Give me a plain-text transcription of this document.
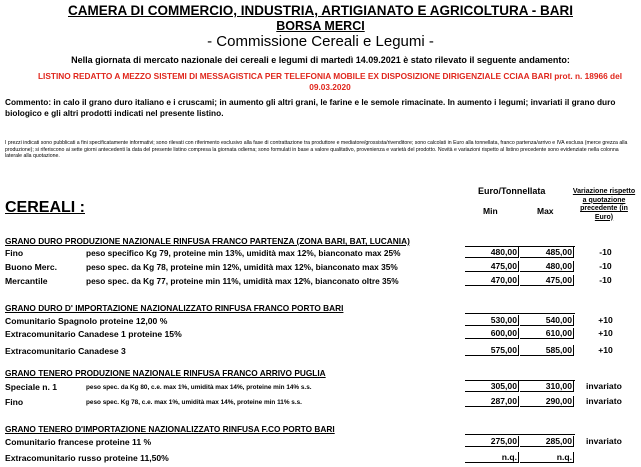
CAMERA DI COMMERCIO, INDUSTRIA, ARTIGIANATO E AGRICOLTURA - BARI
BORSA MERCI
- Commissione Cereali e Legumi -
Nella giornata di mercato nazionale dei cereali e legumi di martedì 14.09.2021 è stato rilevato il seguente andamento:
LISTINO REDATTO A MEZZO SISTEMI DI MESSAGISTICA PER TELEFONIA MOBILE EX DISPOSIZIONE DIRIGENZIALE CCIAA BARI prot. n. 18966 del 09.03.2020
Commento: in calo il grano duro italiano e i cruscami; in aumento gli altri grani, le farine e le semole rimacinate. In aumento i legumi; invariati il grano duro biologico e gli altri prodotti indicati nel presente listino.
I prezzi indicati sono pubblicati a fini specificatamente informativi; sono rilevati con riferimento esclusivo alla fase di contrattazione tra produttore e mediatore/grossista/rivenditore; sono calcolati in Euro alla tonnellata, franco partenza/arrivo e IVA esclusa (merce grezza alla produzione); si riferiscono ai sette giorni antecedenti la data del presente listino compresa la giornata odierna; sono formulati in base a valore qualitativo, provenienza e varietà del prodotto. Novità e variazioni rispetto al listino precedente sono evidenziate nella colonna laterale alla quotazione.
CEREALI :
Euro/Tonnellata
Min	Max
Variazione rispetto a quotazione precedente (in Euro)
GRANO DURO PRODUZIONE NAZIONALE RINFUSA FRANCO PARTENZA (ZONA BARI, BAT, LUCANIA)
Fino	peso specifico Kg 79, proteine min 13%, umidità max 12%, bianconato max 25%	480,00	485,00	-10
Buono Merc.	peso spec. da Kg 78, proteine min 12%, umidità max 12%, bianconato max 35%	475,00	480,00	-10
Mercantile	peso spec. da Kg 77, proteine min 11%, umidità max 12%, bianconato oltre 35%	470,00	475,00	-10
GRANO DURO D' IMPORTAZIONE NAZIONALIZZATO RINFUSA FRANCO PORTO BARI
Comunitario Spagnolo proteine 12,00 %	530,00	540,00	+10
Extracomunitario Canadese 1 proteine 15%	600,00	610,00	+10
Extracomunitario Canadese 3	575,00	585,00	+10
GRANO TENERO PRODUZIONE NAZIONALE RINFUSA FRANCO ARRIVO PUGLIA
Speciale n. 1	peso spec. da Kg 80, c.e. max 1%, umidità max 14%, proteine min 14% s.s.	305,00	310,00	invariato
Fino	peso spec. Kg 78, c.e. max 1%, umidità max 14%, proteine min 11% s.s.	287,00	290,00	invariato
GRANO TENERO D'IMPORTAZIONE NAZIONALIZZATO RINFUSA F.CO PORTO BARI
Comunitario francese proteine 11 %	275,00	285,00	invariato
Extracomunitario russo proteine 11,50%	n.q.	n.q.
